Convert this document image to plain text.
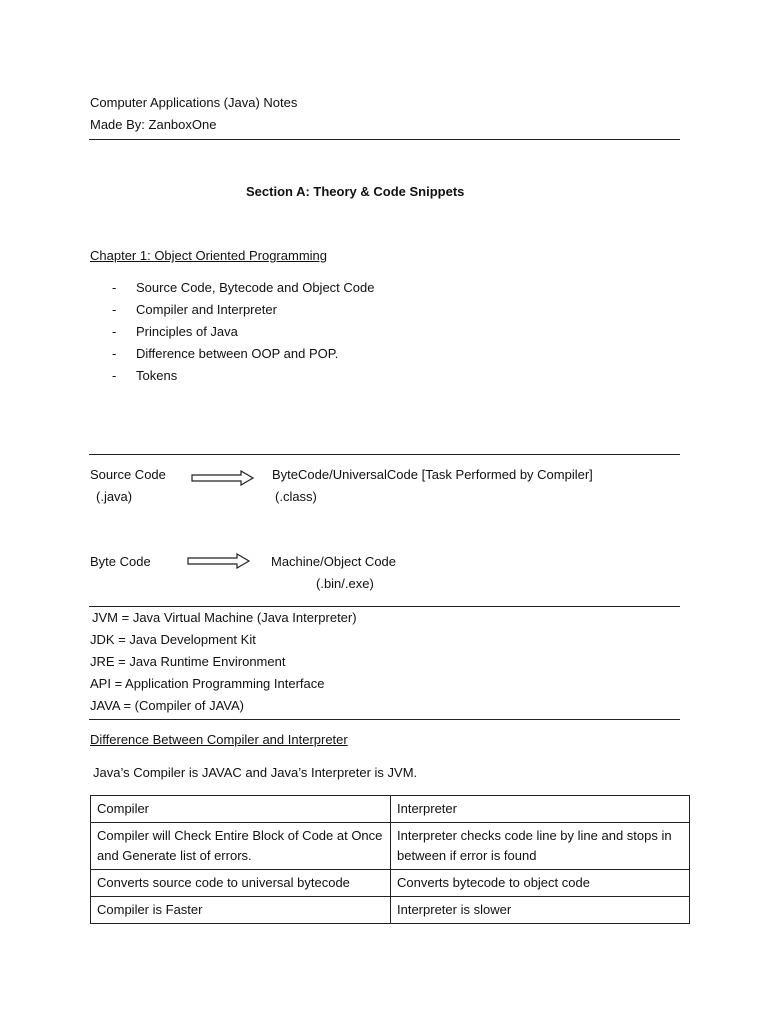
Computer Applications (Java) Notes
Made By: ZanboxOne
Section A: Theory & Code Snippets
Chapter 1: Object Oriented Programming
- Source Code, Bytecode and Object Code
- Compiler and Interpreter
- Principles of Java
- Difference between OOP and POP.
- Tokens
Source Code
(.java)
ByteCode/UniversalCode [Task Performed by Compiler]
(.class)
Byte Code	Machine/Object Code
(.bin/.exe)
JVM = Java Virtual Machine (Java Interpreter)
JDK = Java Development Kit
JRE = Java Runtime Environment
API = Application Programming Interface
JAVA = (Compiler of JAVA)
Difference Between Compiler and Interpreter
Java’s Compiler is JAVAC and Java’s Interpreter is JVM.
Compiler	Interpreter
Compiler will Check Entire Block of Code at Once and Generate list of errors.	Interpreter checks code line by line and stops in between if error is found
Converts source code to universal bytecode	Converts bytecode to object code
Compiler is Faster	Interpreter is slower
